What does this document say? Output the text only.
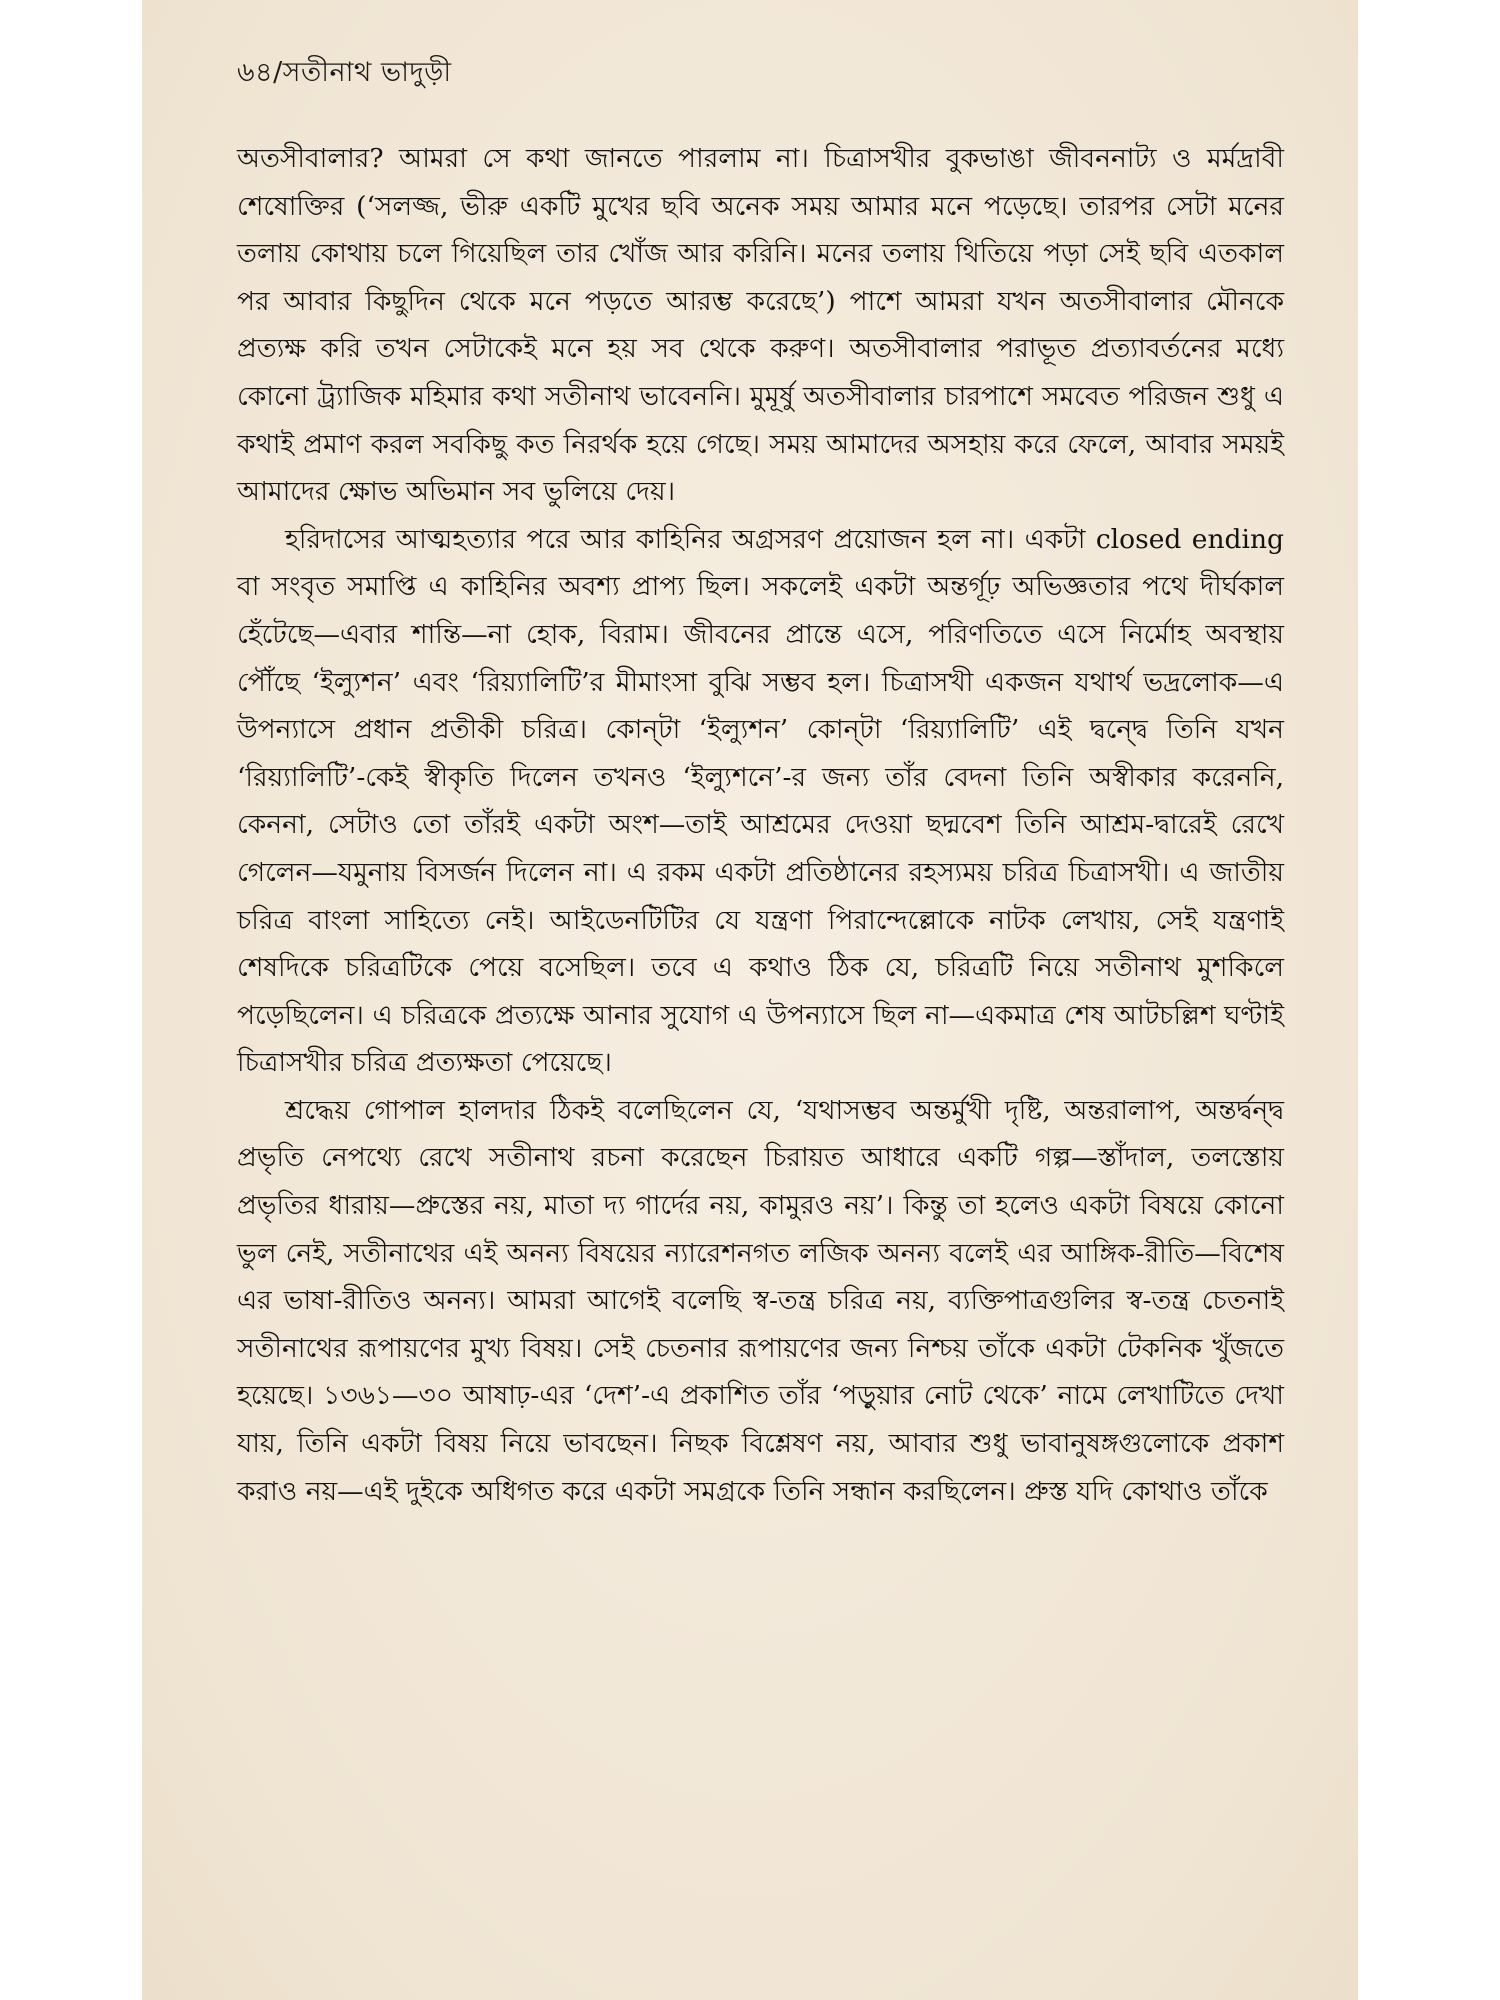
৬৪/সতীনাথ ভাদুড়ী

অতসীবালার? আমরা সে কথা জানতে পারলাম না। চিত্রাসখীর বুকভাঙা জীবননাট্য ও মর্মদ্রাবী শেষোক্তির (‘সলজ্জ, ভীরু একটি মুখের ছবি অনেক সময় আমার মনে পড়েছে। তারপর সেটা মনের তলায় কোথায় চলে গিয়েছিল তার খোঁজ আর করিনি। মনের তলায় থিতিয়ে পড়া সেই ছবি এতকাল পর আবার কিছুদিন থেকে মনে পড়তে আরম্ভ করেছে’) পাশে আমরা যখন অতসীবালার মৌনকে প্রত্যক্ষ করি তখন সেটাকেই মনে হয় সব থেকে করুণ। অতসীবালার পরাভূত প্রত্যাবর্তনের মধ্যে কোনো ট্র্যাজিক মহিমার কথা সতীনাথ ভাবেননি। মুমূর্ষু অতসীবালার চারপাশে সমবেত পরিজন শুধু এ কথাই প্রমাণ করল সবকিছু কত নিরর্থক হয়ে গেছে। সময় আমাদের অসহায় করে ফেলে, আবার সময়ই আমাদের ক্ষোভ অভিমান সব ভুলিয়ে দেয়।

হরিদাসের আত্মহত্যার পরে আর কাহিনির অগ্রসরণ প্রয়োজন হল না। একটা closed ending বা সংবৃত সমাপ্তি এ কাহিনির অবশ্য প্রাপ্য ছিল। সকলেই একটা অন্তর্গূঢ় অভিজ্ঞতার পথে দীর্ঘকাল হেঁটেছে—এবার শান্তি—না হোক, বিরাম। জীবনের প্রান্তে এসে, পরিণতিতে এসে নির্মোহ অবস্থায় পৌঁছে ‘ইল্যুশন’ এবং ‘রিয়্যালিটি’র মীমাংসা বুঝি সম্ভব হল। চিত্রাসখী একজন যথার্থ ভদ্রলোক—এ উপন্যাসে প্রধান প্রতীকী চরিত্র। কোন্‌টা ‘ইল্যুশন’ কোন্‌টা ‘রিয়্যালিটি’ এই দ্বন্দ্বে তিনি যখন ‘রিয়্যালিটি’-কেই স্বীকৃতি দিলেন তখনও ‘ইল্যুশনে’-র জন্য তাঁর বেদনা তিনি অস্বীকার করেননি, কেননা, সেটাও তো তাঁরই একটা অংশ—তাই আশ্রমের দেওয়া ছদ্মবেশ তিনি আশ্রম-দ্বারেই রেখে গেলেন—যমুনায় বিসর্জন দিলেন না। এ রকম একটা প্রতিষ্ঠানের রহস্যময় চরিত্র চিত্রাসখী। এ জাতীয় চরিত্র বাংলা সাহিত্যে নেই। আইডেনটিটির যে যন্ত্রণা পিরান্দেল্লোকে নাটক লেখায়, সেই যন্ত্রণাই শেষদিকে চরিত্রটিকে পেয়ে বসেছিল। তবে এ কথাও ঠিক যে, চরিত্রটি নিয়ে সতীনাথ মুশকিলে পড়েছিলেন। এ চরিত্রকে প্রত্যক্ষে আনার সুযোগ এ উপন্যাসে ছিল না—একমাত্র শেষ আটচল্লিশ ঘণ্টাই চিত্রাসখীর চরিত্র প্রত্যক্ষতা পেয়েছে।

শ্রদ্ধেয় গোপাল হালদার ঠিকই বলেছিলেন যে, ‘যথাসম্ভব অন্তর্মুখী দৃষ্টি, অন্তরালাপ, অন্তর্দ্বন্দ্ব প্রভৃতি নেপথ্যে রেখে সতীনাথ রচনা করেছেন চিরায়ত আধারে একটি গল্প—স্তাঁদাল, তলস্তোয় প্রভৃতির ধারায়—প্রুস্তের নয়, মাতা দ্য গার্দের নয়, কামুরও নয়’। কিন্তু তা হলেও একটা বিষয়ে কোনো ভুল নেই, সতীনাথের এই অনন্য বিষয়ের ন্যারেশনগত লজিক অনন্য বলেই এর আঙ্গিক-রীতি—বিশেষ এর ভাষা-রীতিও অনন্য। আমরা আগেই বলেছি স্ব-তন্ত্র চরিত্র নয়, ব্যক্তিপাত্রগুলির স্ব-তন্ত্র চেতনাই সতীনাথের রূপায়ণের মুখ্য বিষয়। সেই চেতনার রূপায়ণের জন্য নিশ্চয় তাঁকে একটা টেকনিক খুঁজতে হয়েছে। ১৩৬১—৩০ আষাঢ়-এর ‘দেশ’-এ প্রকাশিত তাঁর ‘পড়ুয়ার নোট থেকে’ নামে লেখাটিতে দেখা যায়, তিনি একটা বিষয় নিয়ে ভাবছেন। নিছক বিশ্লেষণ নয়, আবার শুধু ভাবানুষঙ্গগুলোকে প্রকাশ করাও নয়—এই দুইকে অধিগত করে একটা সমগ্রকে তিনি সন্ধান করছিলেন। প্রুস্ত যদি কোথাও তাঁকে
